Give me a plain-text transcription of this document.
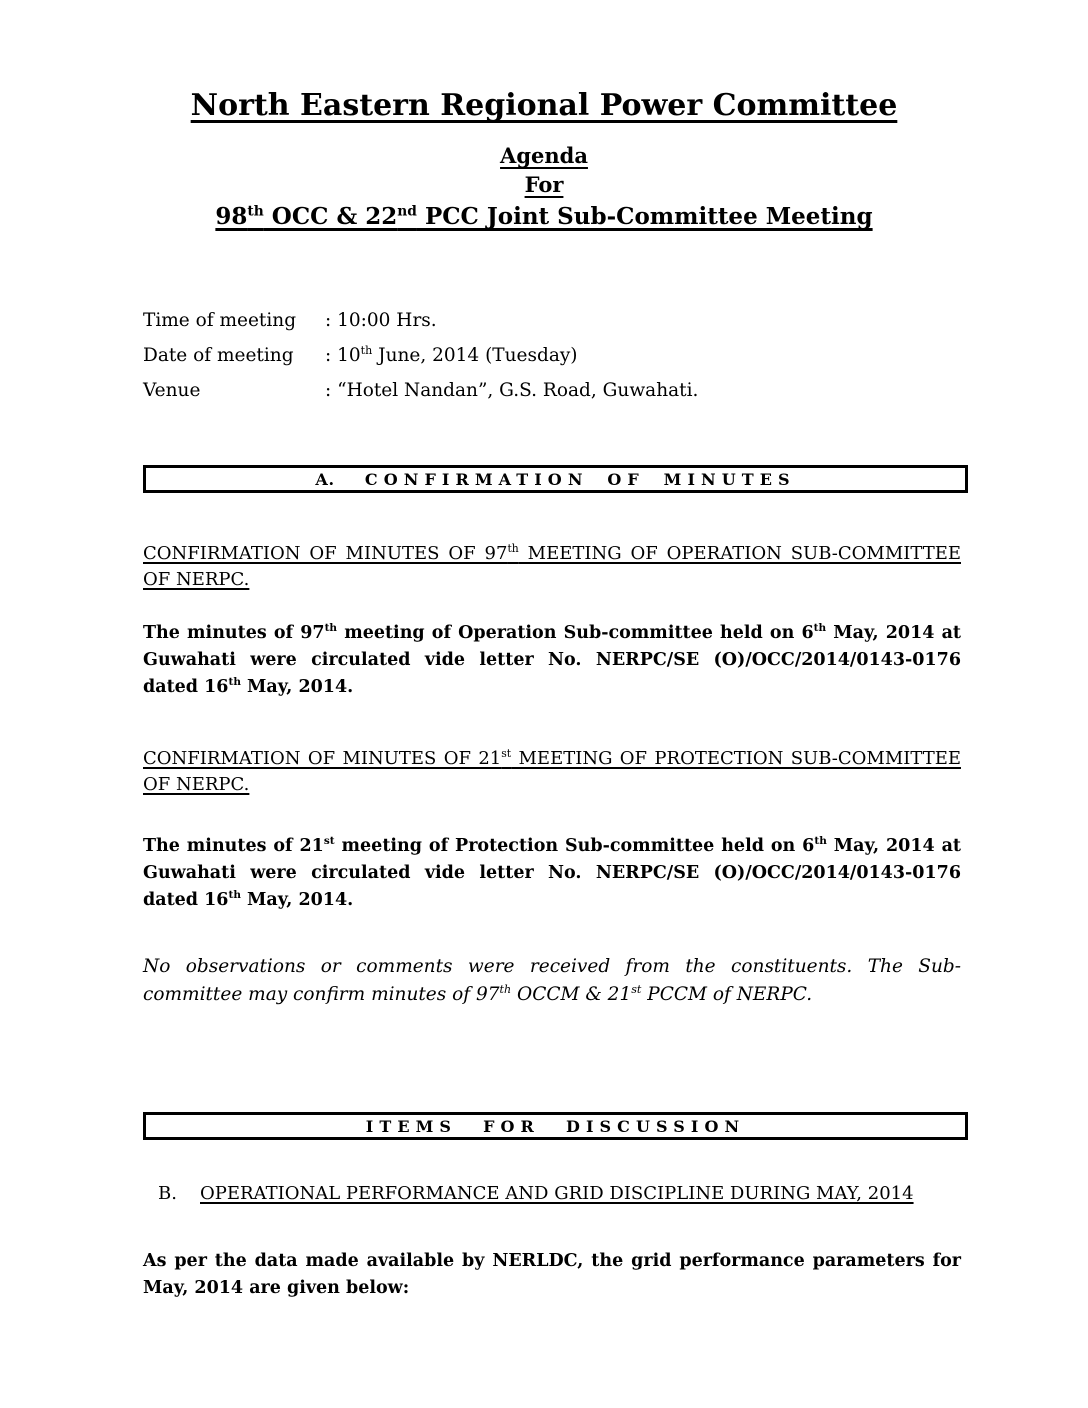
North Eastern Regional Power Committee
Agenda
For
98th OCC & 22nd PCC Joint Sub-Committee Meeting
Time of meeting	: 10:00 Hrs.
Date of meeting	: 10th June, 2014 (Tuesday)
Venue	: “Hotel Nandan”, G.S. Road, Guwahati.
A. CONFIRMATION OF MINUTES
CONFIRMATION OF MINUTES OF 97th MEETING OF OPERATION SUB-COMMITTEE OF NERPC.
The minutes of 97th meeting of Operation Sub-committee held on 6th May, 2014 at Guwahati were circulated vide letter No. NERPC/SE (O)/OCC/2014/0143-0176 dated 16th May, 2014.
CONFIRMATION OF MINUTES OF 21st MEETING OF PROTECTION SUB-COMMITTEE OF NERPC.
The minutes of 21st meeting of Protection Sub-committee held on 6th May, 2014 at Guwahati were circulated vide letter No. NERPC/SE (O)/OCC/2014/0143-0176 dated 16th May, 2014.
No observations or comments were received from the constituents. The Sub-committee may confirm minutes of 97th OCCM & 21st PCCM of NERPC.
ITEMS FOR DISCUSSION
B.	OPERATIONAL PERFORMANCE AND GRID DISCIPLINE DURING MAY, 2014
As per the data made available by NERLDC, the grid performance parameters for May, 2014 are given below:
